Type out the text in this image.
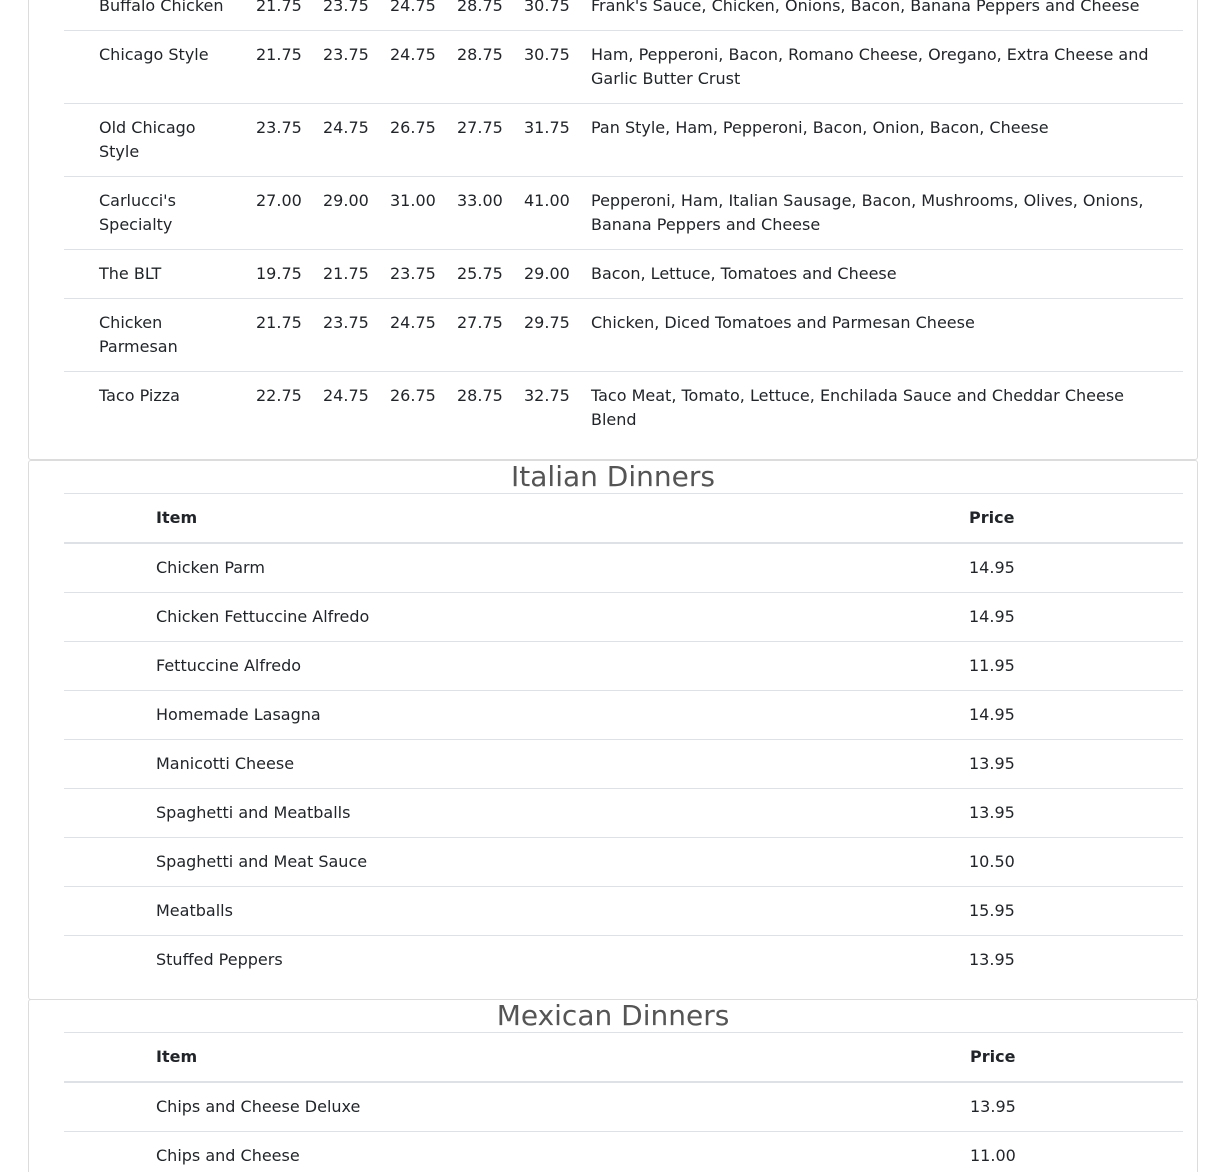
Buffalo Chicken	21.75	23.75	24.75	28.75	30.75	Frank's Sauce, Chicken, Onions, Bacon, Banana Peppers and Cheese
Chicago Style	21.75	23.75	24.75	28.75	30.75	Ham, Pepperoni, Bacon, Romano Cheese, Oregano, Extra Cheese and Garlic Butter Crust
Old Chicago Style	23.75	24.75	26.75	27.75	31.75	Pan Style, Ham, Pepperoni, Bacon, Onion, Bacon, Cheese
Carlucci's Specialty	27.00	29.00	31.00	33.00	41.00	Pepperoni, Ham, Italian Sausage, Bacon, Mushrooms, Olives, Onions, Banana Peppers and Cheese
The BLT	19.75	21.75	23.75	25.75	29.00	Bacon, Lettuce, Tomatoes and Cheese
Chicken Parmesan	21.75	23.75	24.75	27.75	29.75	Chicken, Diced Tomatoes and Parmesan Cheese
Taco Pizza	22.75	24.75	26.75	28.75	32.75	Taco Meat, Tomato, Lettuce, Enchilada Sauce and Cheddar Cheese Blend
Italian Dinners
Item	Price
Chicken Parm	14.95
Chicken Fettuccine Alfredo	14.95
Fettuccine Alfredo	11.95
Homemade Lasagna	14.95
Manicotti Cheese	13.95
Spaghetti and Meatballs	13.95
Spaghetti and Meat Sauce	10.50
Meatballs	15.95
Stuffed Peppers	13.95
Mexican Dinners
Item	Price
Chips and Cheese Deluxe	13.95
Chips and Cheese	11.00
